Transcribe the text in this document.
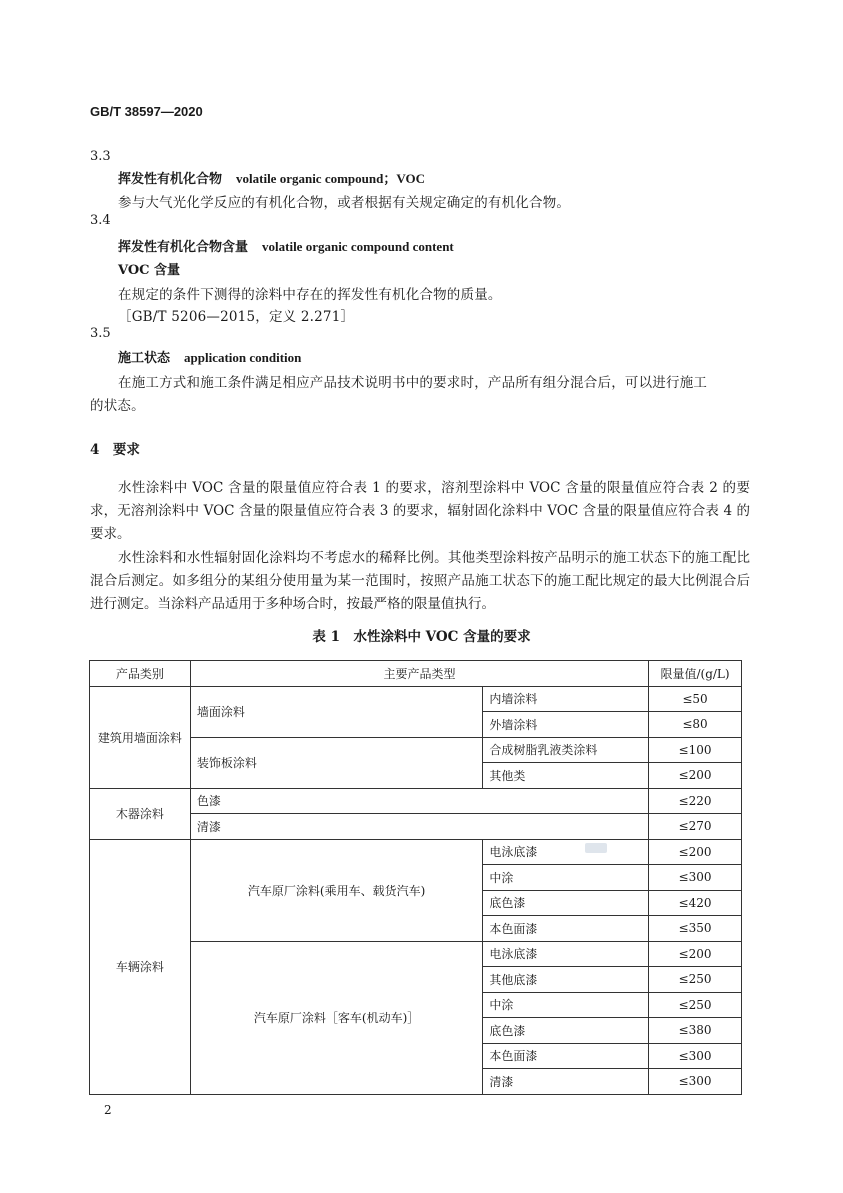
GB/T 38597—2020
3.3
挥发性有机化合物 volatile organic compound；VOC
参与大气光化学反应的有机化合物，或者根据有关规定确定的有机化合物。
3.4
挥发性有机化合物含量 volatile organic compound content
VOC 含量
在规定的条件下测得的涂料中存在的挥发性有机化合物的质量。
［GB/T 5206—2015，定义 2.271］
3.5
施工状态 application condition
在施工方式和施工条件满足相应产品技术说明书中的要求时，产品所有组分混合后，可以进行施工
的状态。
4　要求

水性涂料中 VOC 含量的限量值应符合表 1 的要求，溶剂型涂料中 VOC 含量的限量值应符合表 2 的要求，无溶剂涂料中 VOC 含量的限量值应符合表 3 的要求，辐射固化涂料中 VOC 含量的限量值应符合表 4 的要求。

水性涂料和水性辐射固化涂料均不考虑水的稀释比例。其他类型涂料按产品明示的施工状态下的施工配比混合后测定。如多组分的某组分使用量为某一范围时，按照产品施工状态下的施工配比规定的最大比例混合后进行测定。当涂料产品适用于多种场合时，按最严格的限量值执行。

表 1　水性涂料中 VOC 含量的要求
产品类别	主要产品类型		限量值/(g/L)
建筑用墙面涂料	墙面涂料	内墙涂料	≤50
		外墙涂料	≤80
	装饰板涂料	合成树脂乳液类涂料	≤100
		其他类	≤200
木器涂料	色漆		≤220
	清漆		≤270
车辆涂料	汽车原厂涂料(乘用车、载货汽车)	电泳底漆	≤200
		中涂	≤300
		底色漆	≤420
		本色面漆	≤350
	汽车原厂涂料［客车(机动车)］	电泳底漆	≤200
		其他底漆	≤250
		中涂	≤250
		底色漆	≤380
		本色面漆	≤300
		清漆	≤300
2
